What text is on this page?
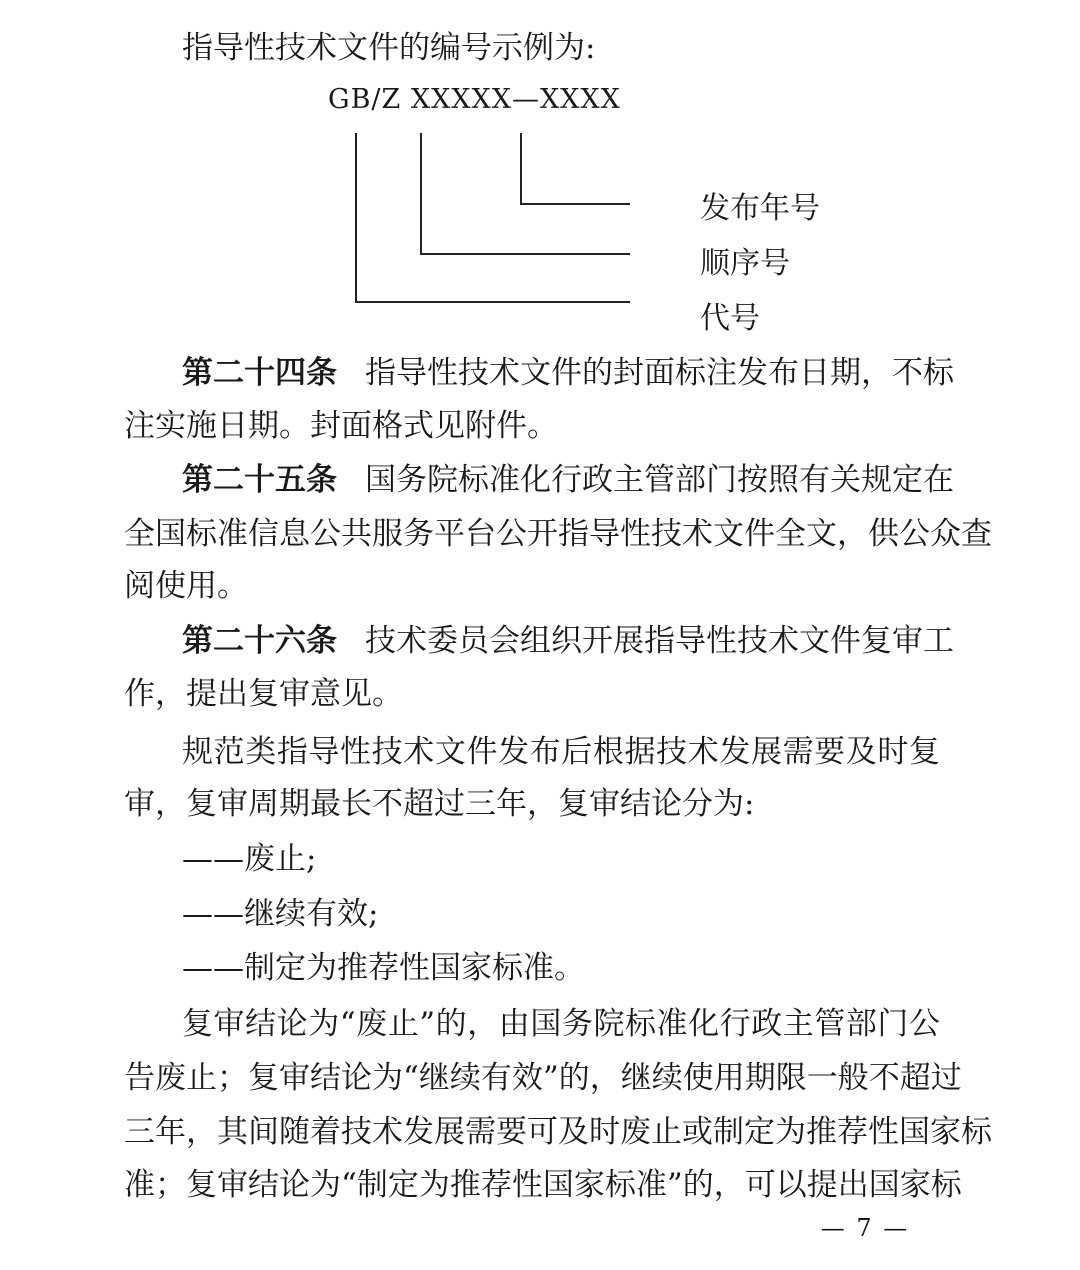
指导性技术文件的编号示例为:
GB/Z XXXXX—XXXX
发布年号
顺序号
代号
第二十四条 指导性技术文件的封面标注发布日期，不标
注实施日期。封面格式见附件。
第二十五条 国务院标准化行政主管部门按照有关规定在
全国标准信息公共服务平台公开指导性技术文件全文，供公众查
阅使用。
第二十六条 技术委员会组织开展指导性技术文件复审工
作，提出复审意见。
规范类指导性技术文件发布后根据技术发展需要及时复
审，复审周期最长不超过三年，复审结论分为:
——废止;
——继续有效;
——制定为推荐性国家标准。
复审结论为“废止”的，由国务院标准化行政主管部门公
告废止；复审结论为“继续有效”的，继续使用期限一般不超过
三年，其间随着技术发展需要可及时废止或制定为推荐性国家标
准；复审结论为“制定为推荐性国家标准”的，可以提出国家标
— 7 —
